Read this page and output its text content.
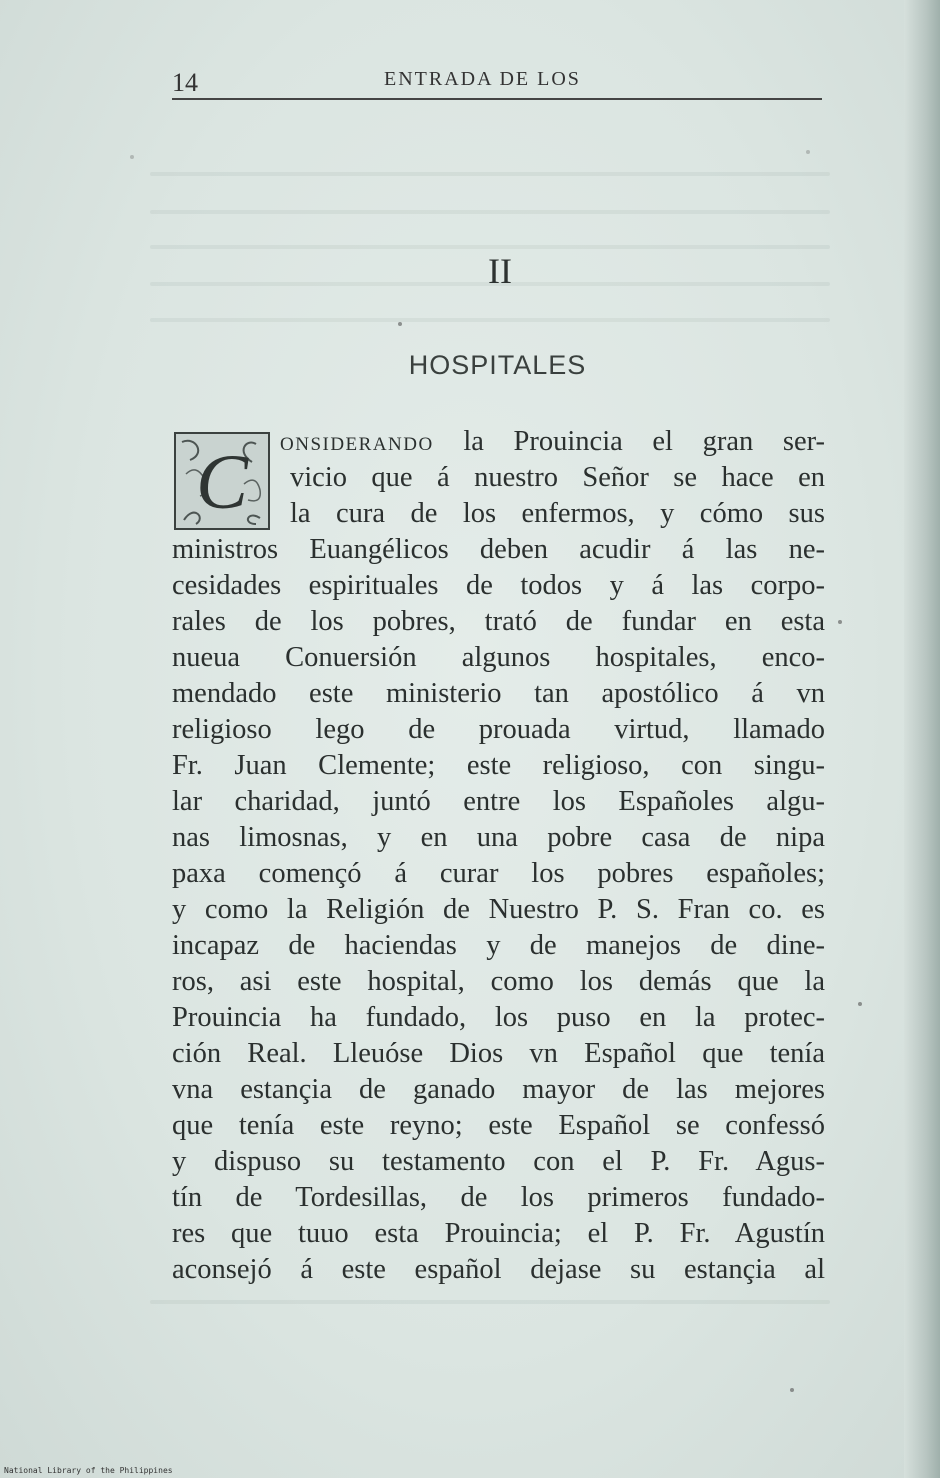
14	ENTRADA DE LOS
II
HOSPITALES
C ONSIDERANDO la Prouincia el gran ser-
vicio que á nuestro Señor se hace en
la cura de los enfermos, y cómo sus
ministros Euangélicos deben acudir á las ne-
cesidades espirituales de todos y á las corpo-
rales de los pobres, trató de fundar en esta
nueua Conuersión algunos hospitales, enco-
mendado este ministerio tan apostólico á vn
religioso lego de prouada virtud, llamado
Fr. Juan Clemente; este religioso, con singu-
lar charidad, juntó entre los Españoles algu-
nas limosnas, y en una pobre casa de nipa
paxa començó á curar los pobres españoles;
y como la Religión de Nuestro P. S. Fran co. es
incapaz de haciendas y de manejos de dine-
ros, asi este hospital, como los demás que la
Prouincia ha fundado, los puso en la protec-
ción Real. Lleuóse Dios vn Español que tenía
vna estançia de ganado mayor de las mejores
que tenía este reyno; este Español se confessó
y dispuso su testamento con el P. Fr. Agus-
tín de Tordesillas, de los primeros fundado-
res que tuuo esta Prouincia; el P. Fr. Agustín
aconsejó á este español dejase su estançia al
National Library of the Philippines
